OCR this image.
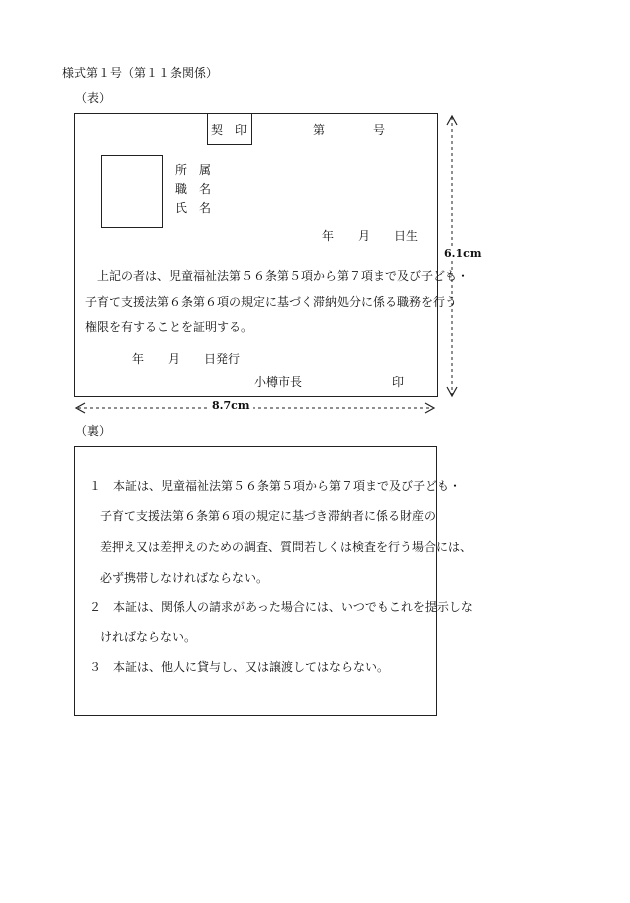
様式第１号（第１１条関係）
（表）
契　印	第　　　　号
所　属
職　名
氏　名
年　　月　　日生
上記の者は、児童福祉法第５６条第５項から第７項まで及び子ども・
子育て支援法第６条第６項の規定に基づく滞納処分に係る職務を行う
権限を有することを証明する。
年　　月　　日発行
小樽市長	印
6.1cm
8.7cm
（裏）
１　本証は、児童福祉法第５６条第５項から第７項まで及び子ども・
子育て支援法第６条第６項の規定に基づき滞納者に係る財産の
差押え又は差押えのための調査、質問若しくは検査を行う場合には、
必ず携帯しなければならない。
２　本証は、関係人の請求があった場合には、いつでもこれを提示しな
ければならない。
３　本証は、他人に貸与し、又は譲渡してはならない。
